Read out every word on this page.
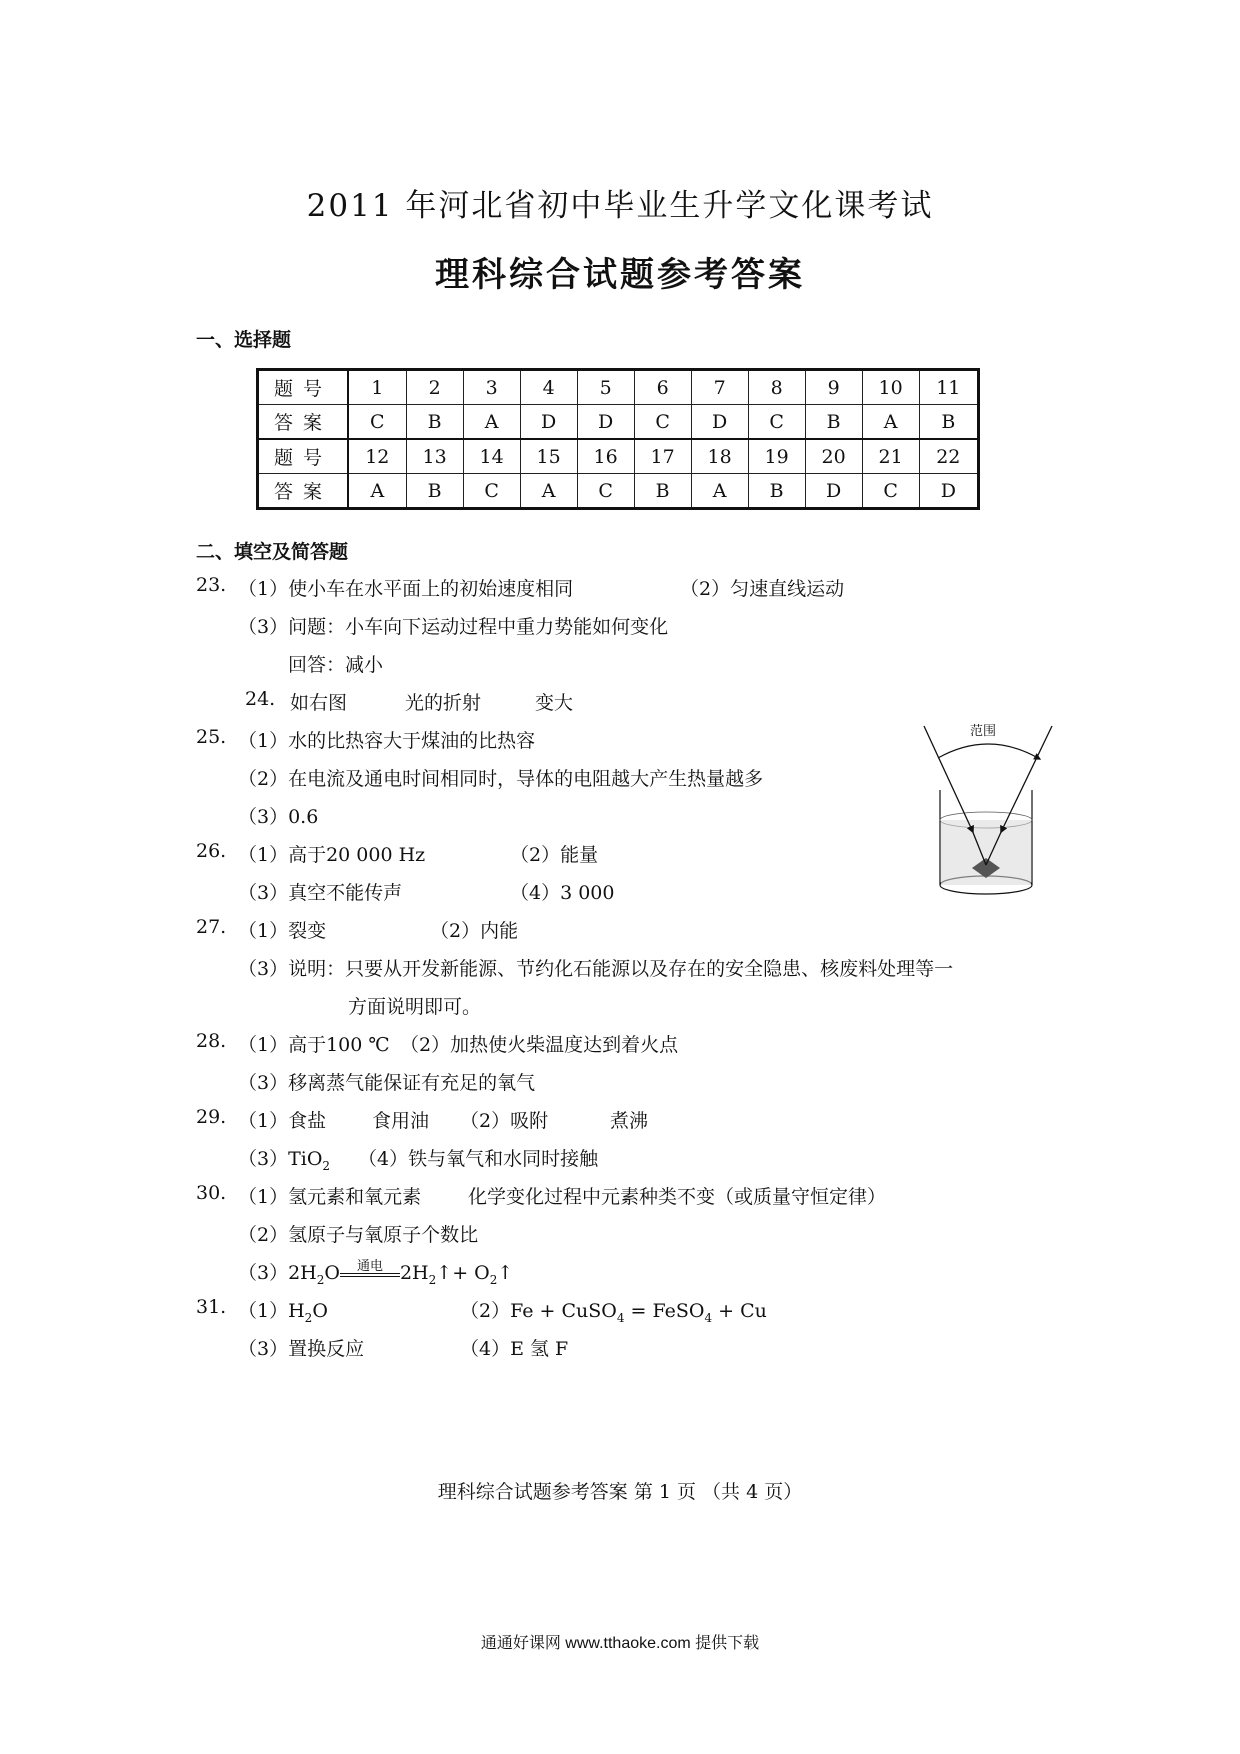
2011 年河北省初中毕业生升学文化课考试
理科综合试题参考答案
一、选择题
题号	1	2	3	4	5	6	7	8	9	10	11
答案	C	B	A	D	D	C	D	C	B	A	B
题号	12	13	14	15	16	17	18	19	20	21	22
答案	A	B	C	A	C	B	A	B	D	C	D
二、填空及简答题
23. （1）使小车在水平面上的初始速度相同	（2）匀速直线运动
（3）问题：小车向下运动过程中重力势能如何变化
回答：减小
24. 如右图	光的折射	变大
25. （1）水的比热容大于煤油的比热容
（2）在电流及通电时间相同时，导体的电阻越大产生热量越多
（3）0.6
范围
26. （1）高于20 000 Hz	（2）能量
（3）真空不能传声	（4）3 000
27. （1）裂变	（2）内能
（3）说明：只要从开发新能源、节约化石能源以及存在的安全隐患、核废料处理等一
方面说明即可。
28. （1）高于100 ℃ （2）加热使火柴温度达到着火点
（3）移离蒸气能保证有充足的氧气
29. （1）食盐 食用油 （2）吸附	煮沸
（3）TiO$_2$ （4）铁与氧气和水同时接触
30. （1）氢元素和氧元素 化学变化过程中元素种类不变（或质量守恒定律）
（2）氢原子与氧原子个数比
$(3)2H_2O$	通电 $2H_2↑+$ $O_2↑$
31. $(1)H_2O$	（2）Fe + CuSO$_4$ = FeSO$_4$ + Cu
（3）置换反应	（4）E 氢 F
理科综合试题参考答案 第 1 页 （共 4 页）
通通好课网 www.tthaoke.com 提供下载
